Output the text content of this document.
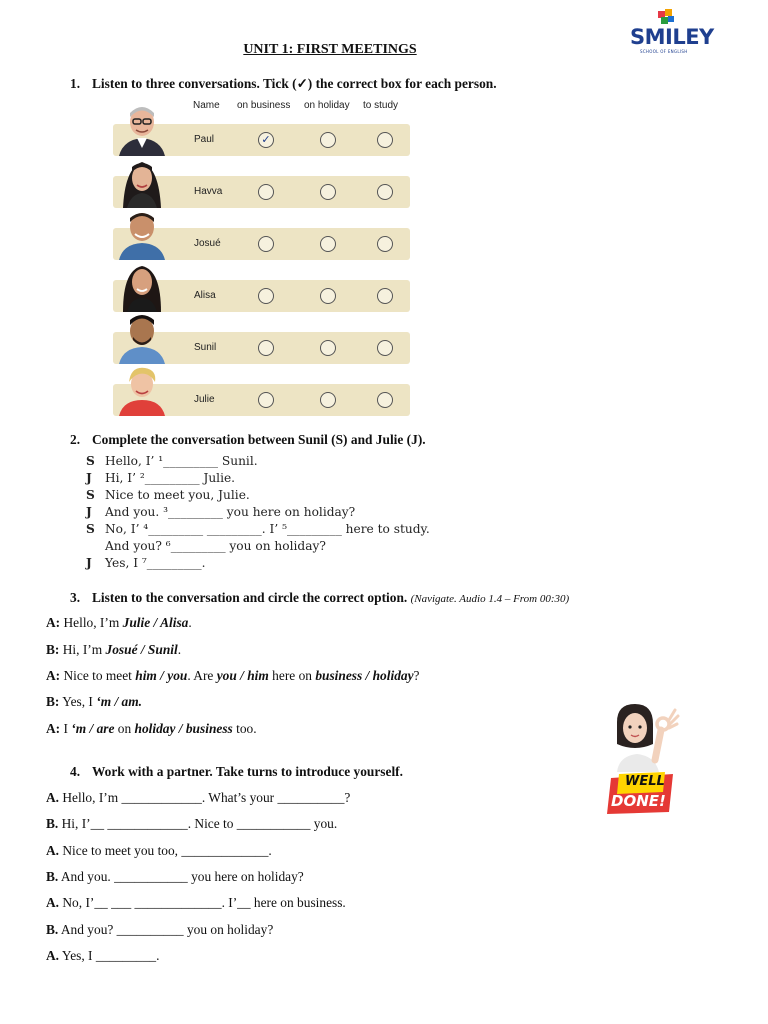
SMILEY
SCHOOL OF ENGLISH
UNIT 1: FIRST MEETINGS
1. Listen to three conversations. Tick (✓) the correct box for each person.
Name on business on holiday to study
Paul	✓
Havva
Josué
Alisa
Sunil
Julie
2. Complete the conversation between Sunil (S) and Julie (J).
S Hello, I’ ¹_________ Sunil.
J Hi, I’ ²_________ Julie.
S Nice to meet you, Julie.
J And you. ³_________ you here on holiday?
S No, I’ ⁴_________ _________. I’ ⁵_________ here to study.
And you? ⁶_________ you on holiday?
J Yes, I ⁷_________.
3. Listen to the conversation and circle the correct option. (Navigate. Audio 1.4 – From 00:30)
A: Hello, I’m Julie / Alisa.
B: Hi, I’m Josué / Sunil.
A: Nice to meet him / you. Are you / him here on business / holiday?
B: Yes, I ‘m / am.
A: I ‘m / are on holiday / business too.
WELL
DONE!
4. Work with a partner. Take turns to introduce yourself.
A. Hello, I’m ____________. What’s your __________?
B. Hi, I’__ ____________. Nice to ___________ you.
A. Nice to meet you too, _____________.
B. And you. ___________ you here on holiday?
A. No, I’__ ___ _____________. I’__ here on business.
B. And you? __________ you on holiday?
A. Yes, I _________.
